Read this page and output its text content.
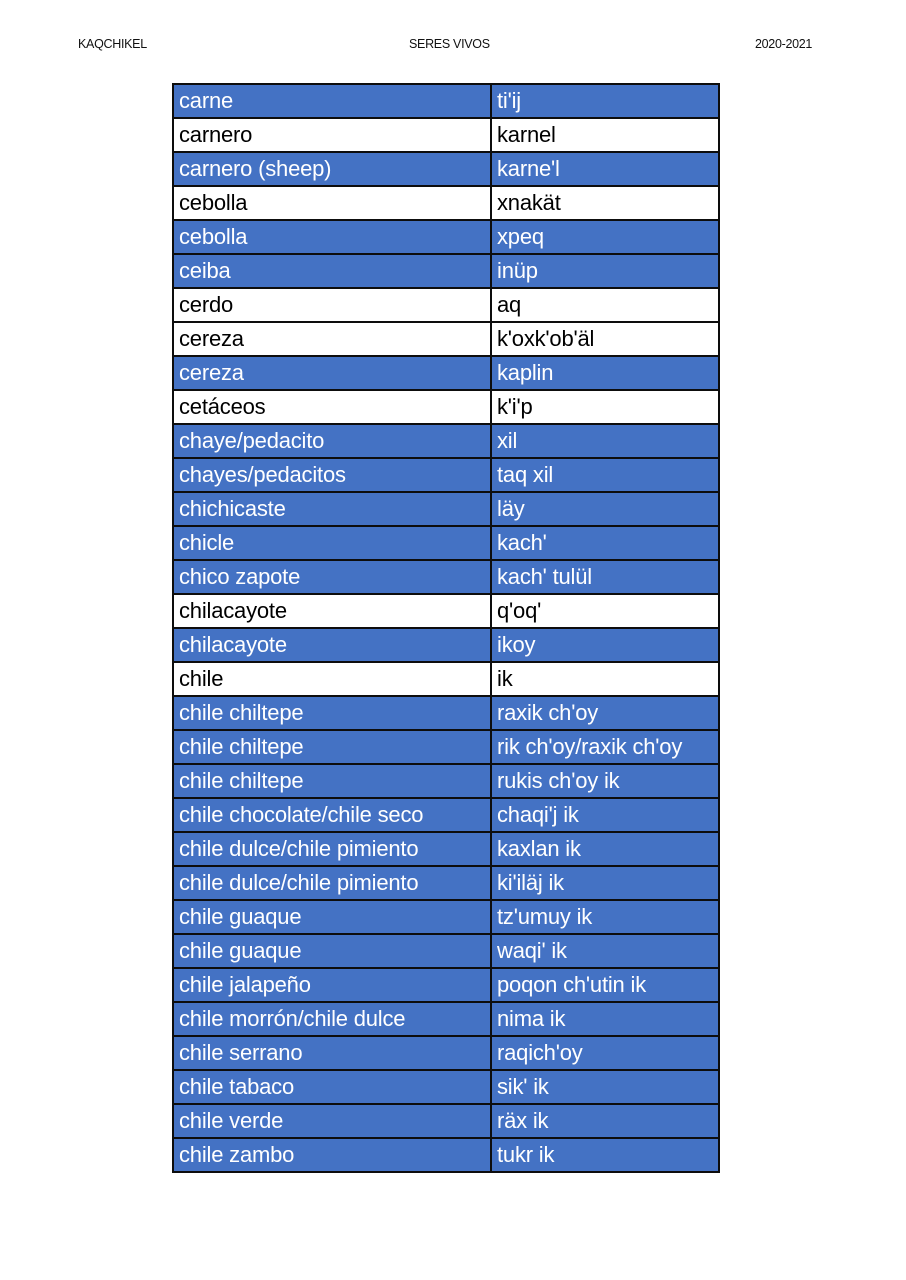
KAQCHIKEL	SERES VIVOS	2020-2021
carne	ti'ij
carnero	karnel
carnero (sheep)	karne'l
cebolla	xnakät
cebolla	xpeq
ceiba	inüp
cerdo	aq
cereza	k'oxk'ob'äl
cereza	kaplin
cetáceos	k'i'p
chaye/pedacito	xil
chayes/pedacitos	taq xil
chichicaste	läy
chicle	kach'
chico zapote	kach' tulül
chilacayote	q'oq'
chilacayote	ikoy
chile	ik
chile chiltepe	raxik ch'oy
chile chiltepe	rik ch'oy/raxik ch'oy
chile chiltepe	rukis ch'oy ik
chile chocolate/chile seco	chaqi'j ik
chile dulce/chile pimiento	kaxlan ik
chile dulce/chile pimiento	ki'iläj ik
chile guaque	tz'umuy ik
chile guaque	waqi' ik
chile jalapeño	poqon ch'utin ik
chile morrón/chile dulce	nima ik
chile serrano	raqich'oy
chile tabaco	sik' ik
chile verde	räx ik
chile zambo	tukr ik
